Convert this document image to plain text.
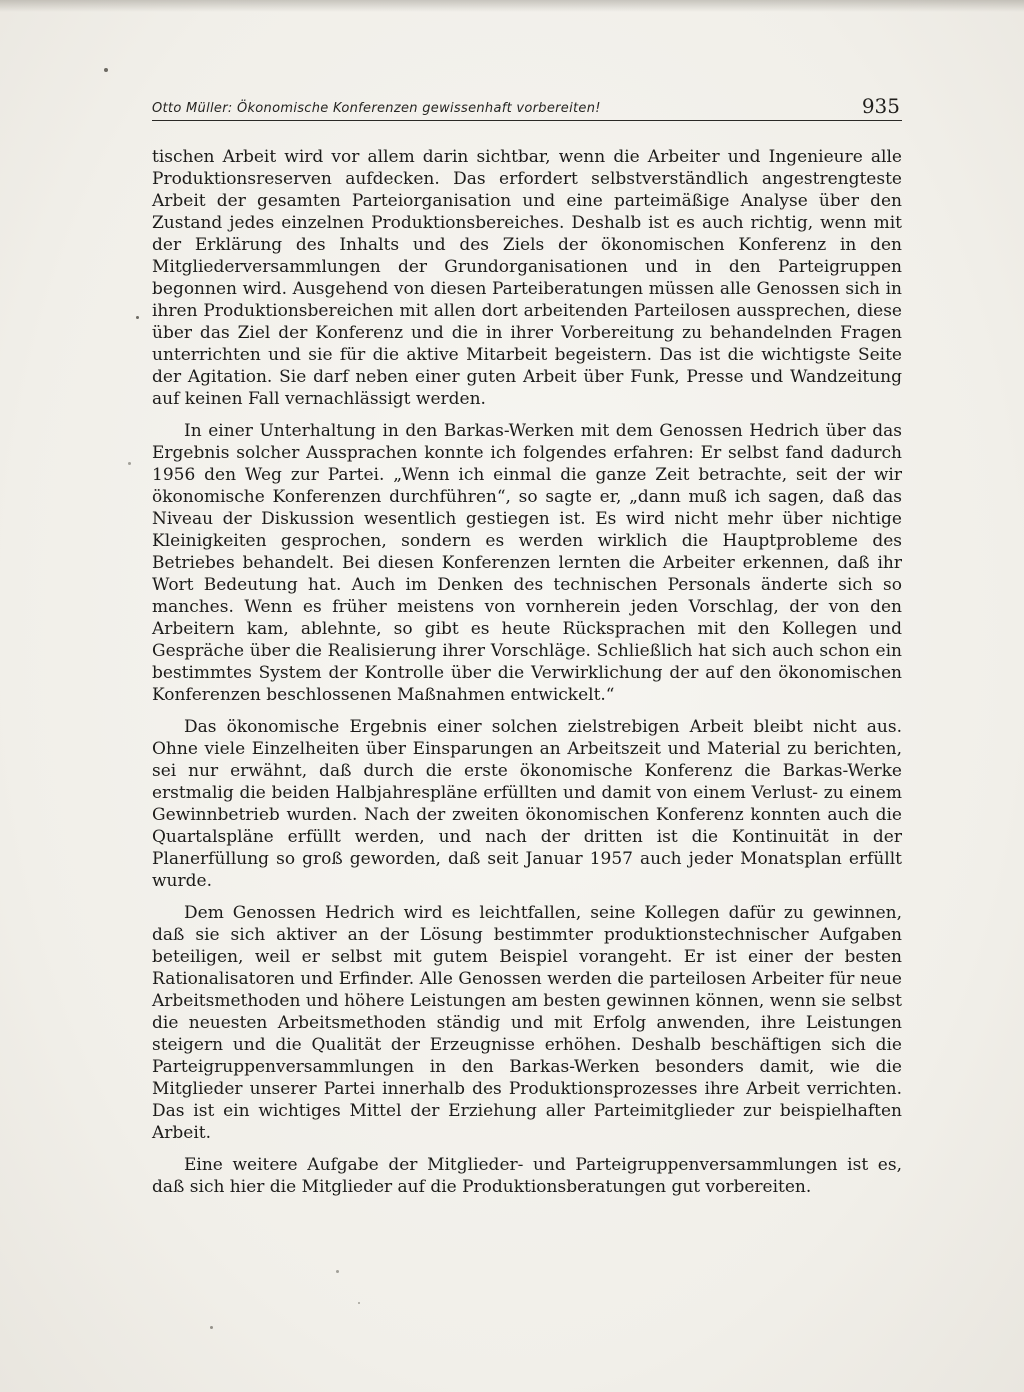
Otto Müller: Ökonomische Konferenzen gewissenhaft vorbereiten!	935

tischen Arbeit wird vor allem darin sichtbar, wenn die Arbeiter und Ingenieure alle Produktionsreserven aufdecken. Das erfordert selbstverständlich angestrengteste Arbeit der gesamten Parteiorganisation und eine parteimäßige Analyse über den Zustand jedes einzelnen Produktionsbereiches. Deshalb ist es auch richtig, wenn mit der Erklärung des Inhalts und des Ziels der ökonomischen Konferenz in den Mitgliederversammlungen der Grundorganisationen und in den Parteigruppen begonnen wird. Ausgehend von diesen Parteiberatungen müssen alle Genossen sich in ihren Produktionsbereichen mit allen dort arbeitenden Parteilosen aussprechen, diese über das Ziel der Konferenz und die in ihrer Vorbereitung zu behandelnden Fragen unterrichten und sie für die aktive Mitarbeit begeistern. Das ist die wichtigste Seite der Agitation. Sie darf neben einer guten Arbeit über Funk, Presse und Wandzeitung auf keinen Fall vernachlässigt werden.

In einer Unterhaltung in den Barkas-Werken mit dem Genossen Hedrich über das Ergebnis solcher Aussprachen konnte ich folgendes erfahren: Er selbst fand dadurch 1956 den Weg zur Partei. „Wenn ich einmal die ganze Zeit betrachte, seit der wir ökonomische Konferenzen durchführen“, so sagte er, „dann muß ich sagen, daß das Niveau der Diskussion wesentlich gestiegen ist. Es wird nicht mehr über nichtige Kleinigkeiten gesprochen, sondern es werden wirklich die Hauptprobleme des Betriebes behandelt. Bei diesen Konferenzen lernten die Arbeiter erkennen, daß ihr Wort Bedeutung hat. Auch im Denken des technischen Personals änderte sich so manches. Wenn es früher meistens von vornherein jeden Vorschlag, der von den Arbeitern kam, ablehnte, so gibt es heute Rücksprachen mit den Kollegen und Gespräche über die Realisierung ihrer Vorschläge. Schließlich hat sich auch schon ein bestimmtes System der Kontrolle über die Verwirklichung der auf den ökonomischen Konferenzen beschlossenen Maßnahmen entwickelt.“

Das ökonomische Ergebnis einer solchen zielstrebigen Arbeit bleibt nicht aus. Ohne viele Einzelheiten über Einsparungen an Arbeitszeit und Material zu berichten, sei nur erwähnt, daß durch die erste ökonomische Konferenz die Barkas-Werke erstmalig die beiden Halbjahrespläne erfüllten und damit von einem Verlust- zu einem Gewinnbetrieb wurden. Nach der zweiten ökonomischen Konferenz konnten auch die Quartalspläne erfüllt werden, und nach der dritten ist die Kontinuität in der Planerfüllung so groß geworden, daß seit Januar 1957 auch jeder Monatsplan erfüllt wurde.

Dem Genossen Hedrich wird es leichtfallen, seine Kollegen dafür zu gewinnen, daß sie sich aktiver an der Lösung bestimmter produktionstechnischer Aufgaben beteiligen, weil er selbst mit gutem Beispiel vorangeht. Er ist einer der besten Rationalisatoren und Erfinder. Alle Genossen werden die parteilosen Arbeiter für neue Arbeitsmethoden und höhere Leistungen am besten gewinnen können, wenn sie selbst die neuesten Arbeitsmethoden ständig und mit Erfolg anwenden, ihre Leistungen steigern und die Qualität der Erzeugnisse erhöhen. Deshalb beschäftigen sich die Parteigruppenversammlungen in den Barkas-Werken besonders damit, wie die Mitglieder unserer Partei innerhalb des Produktionsprozesses ihre Arbeit verrichten. Das ist ein wichtiges Mittel der Erziehung aller Parteimitglieder zur beispielhaften Arbeit.

Eine weitere Aufgabe der Mitglieder- und Parteigruppenversammlungen ist es, daß sich hier die Mitglieder auf die Produktionsberatungen gut vorbereiten.
